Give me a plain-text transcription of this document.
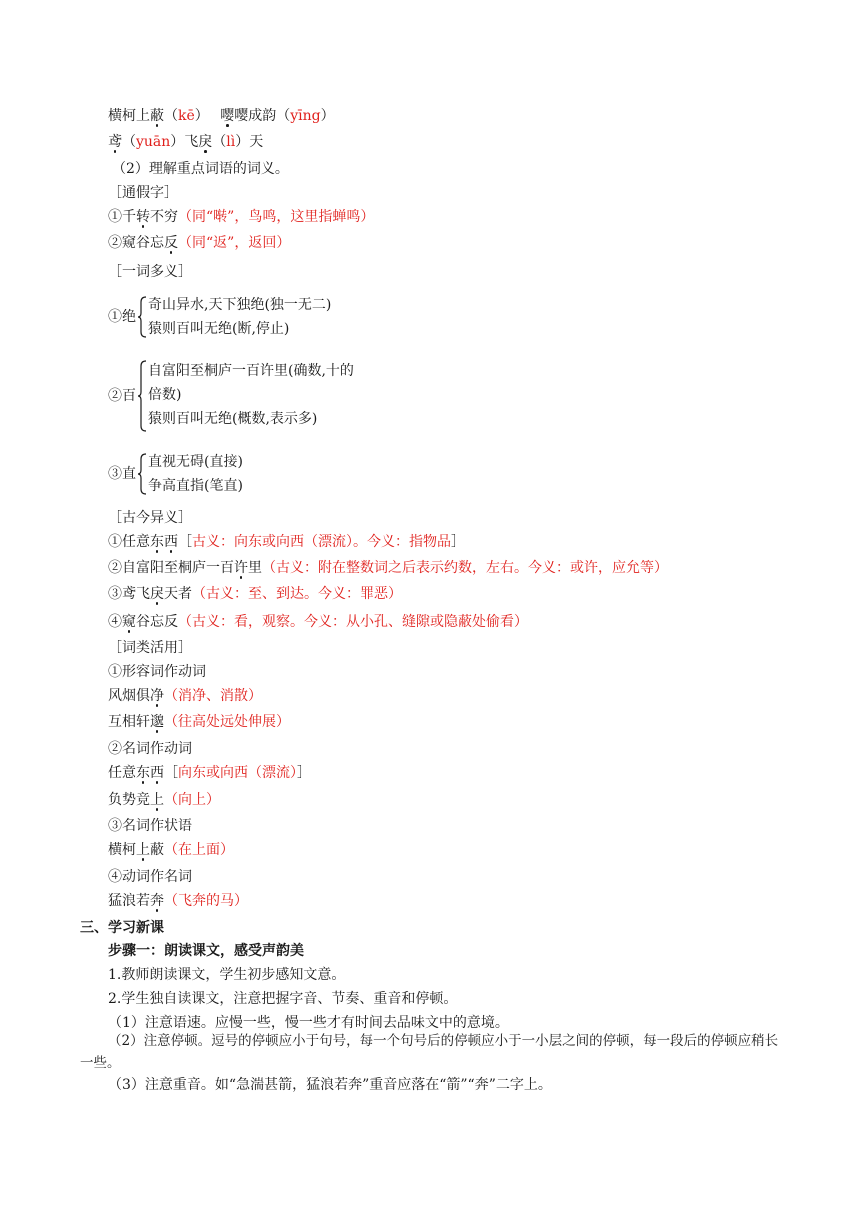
横柯上蔽（kē）　 嘤嘤成韵（yīng）
鸢（yuān）飞戾（lì）天
（2）理解重点词语的词义。
［通假字］
①千转不穷（同“啭”，鸟鸣，这里指蝉鸣）
②窥谷忘反（同“返”，返回）
［一词多义］
①绝
奇山异水,天下独绝(独一无二)
猿则百叫无绝(断,停止)
②百
自富阳至桐庐一百许里(确数,十的
倍数)
猿则百叫无绝(概数,表示多)
③直
直视无碍(直接)
争高直指(笔直)
［古今异义］
①任意东西［古义：向东或向西（漂流）。今义：指物品］
②自富阳至桐庐一百许里（古义：附在整数词之后表示约数，左右。今义：或许，应允等）
③鸢飞戾天者（古义：至、到达。今义：罪恶）
④窥谷忘反（古义：看，观察。今义：从小孔、缝隙或隐蔽处偷看）
［词类活用］
①形容词作动词
风烟俱净（消净、消散）
互相轩邈（往高处远处伸展）
②名词作动词
任意东西［向东或向西（漂流）］
负势竞上（向上）
③名词作状语
横柯上蔽（在上面）
④动词作名词
猛浪若奔（飞奔的马）
三、学习新课
步骤一：朗读课文，感受声韵美
1.教师朗读课文，学生初步感知文意。
2.学生独自读课文，注意把握字音、节奏、重音和停顿。
（1）注意语速。应慢一些，慢一些才有时间去品味文中的意境。
（2）注意停顿。逗号的停顿应小于句号，每一个句号后的停顿应小于一小层之间的停顿，每一段后的停顿应稍长一些。
（3）注意重音。如“急湍甚箭，猛浪若奔”重音应落在“箭”“奔”二字上。
